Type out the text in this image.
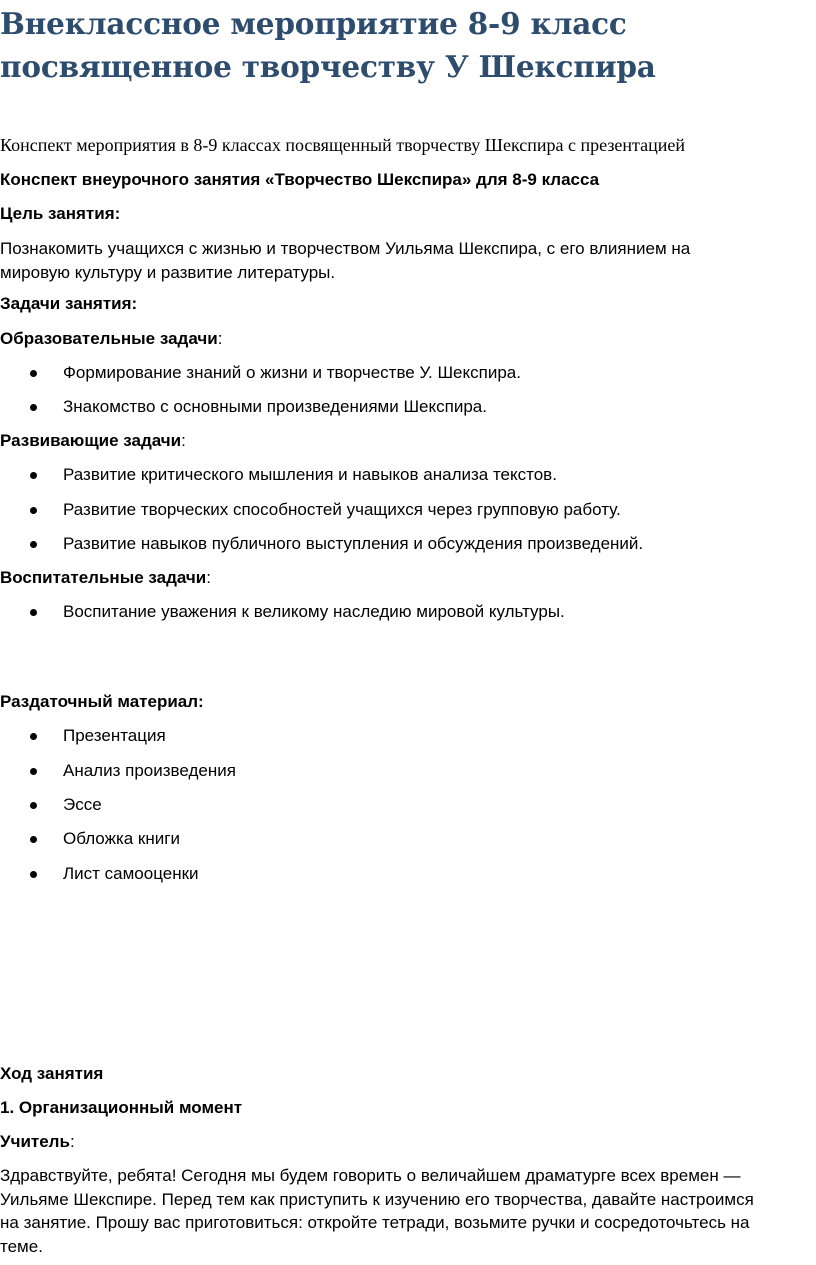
Внеклассное мероприятие 8-9 класс
посвященное творчеству У Шекспира
Конспект мероприятия в 8-9 классах посвященный творчеству Шекспира с презентацией
Конспект внеурочного занятия «Творчество Шекспира» для 8-9 класса
Цель занятия:
Познакомить учащихся с жизнью и творчеством Уильяма Шекспира, с его влиянием на
мировую культуру и развитие литературы.
Задачи занятия:
Образовательные задачи:
Формирование знаний о жизни и творчестве У. Шекспира.
Знакомство с основными произведениями Шекспира.
Развивающие задачи:
Развитие критического мышления и навыков анализа текстов.
Развитие творческих способностей учащихся через групповую работу.
Развитие навыков публичного выступления и обсуждения произведений.
Воспитательные задачи:
Воспитание уважения к великому наследию мировой культуры.
Раздаточный материал:
Презентация
Анализ произведения
Эссе
Обложка книги
Лист самооценки
Ход занятия
1. Организационный момент
Учитель:
Здравствуйте, ребята! Сегодня мы будем говорить о величайшем драматурге всех времен —
Уильяме Шекспире. Перед тем как приступить к изучению его творчества, давайте настроимся
на занятие. Прошу вас приготовиться: откройте тетради, возьмите ручки и сосредоточьтесь на
теме.
